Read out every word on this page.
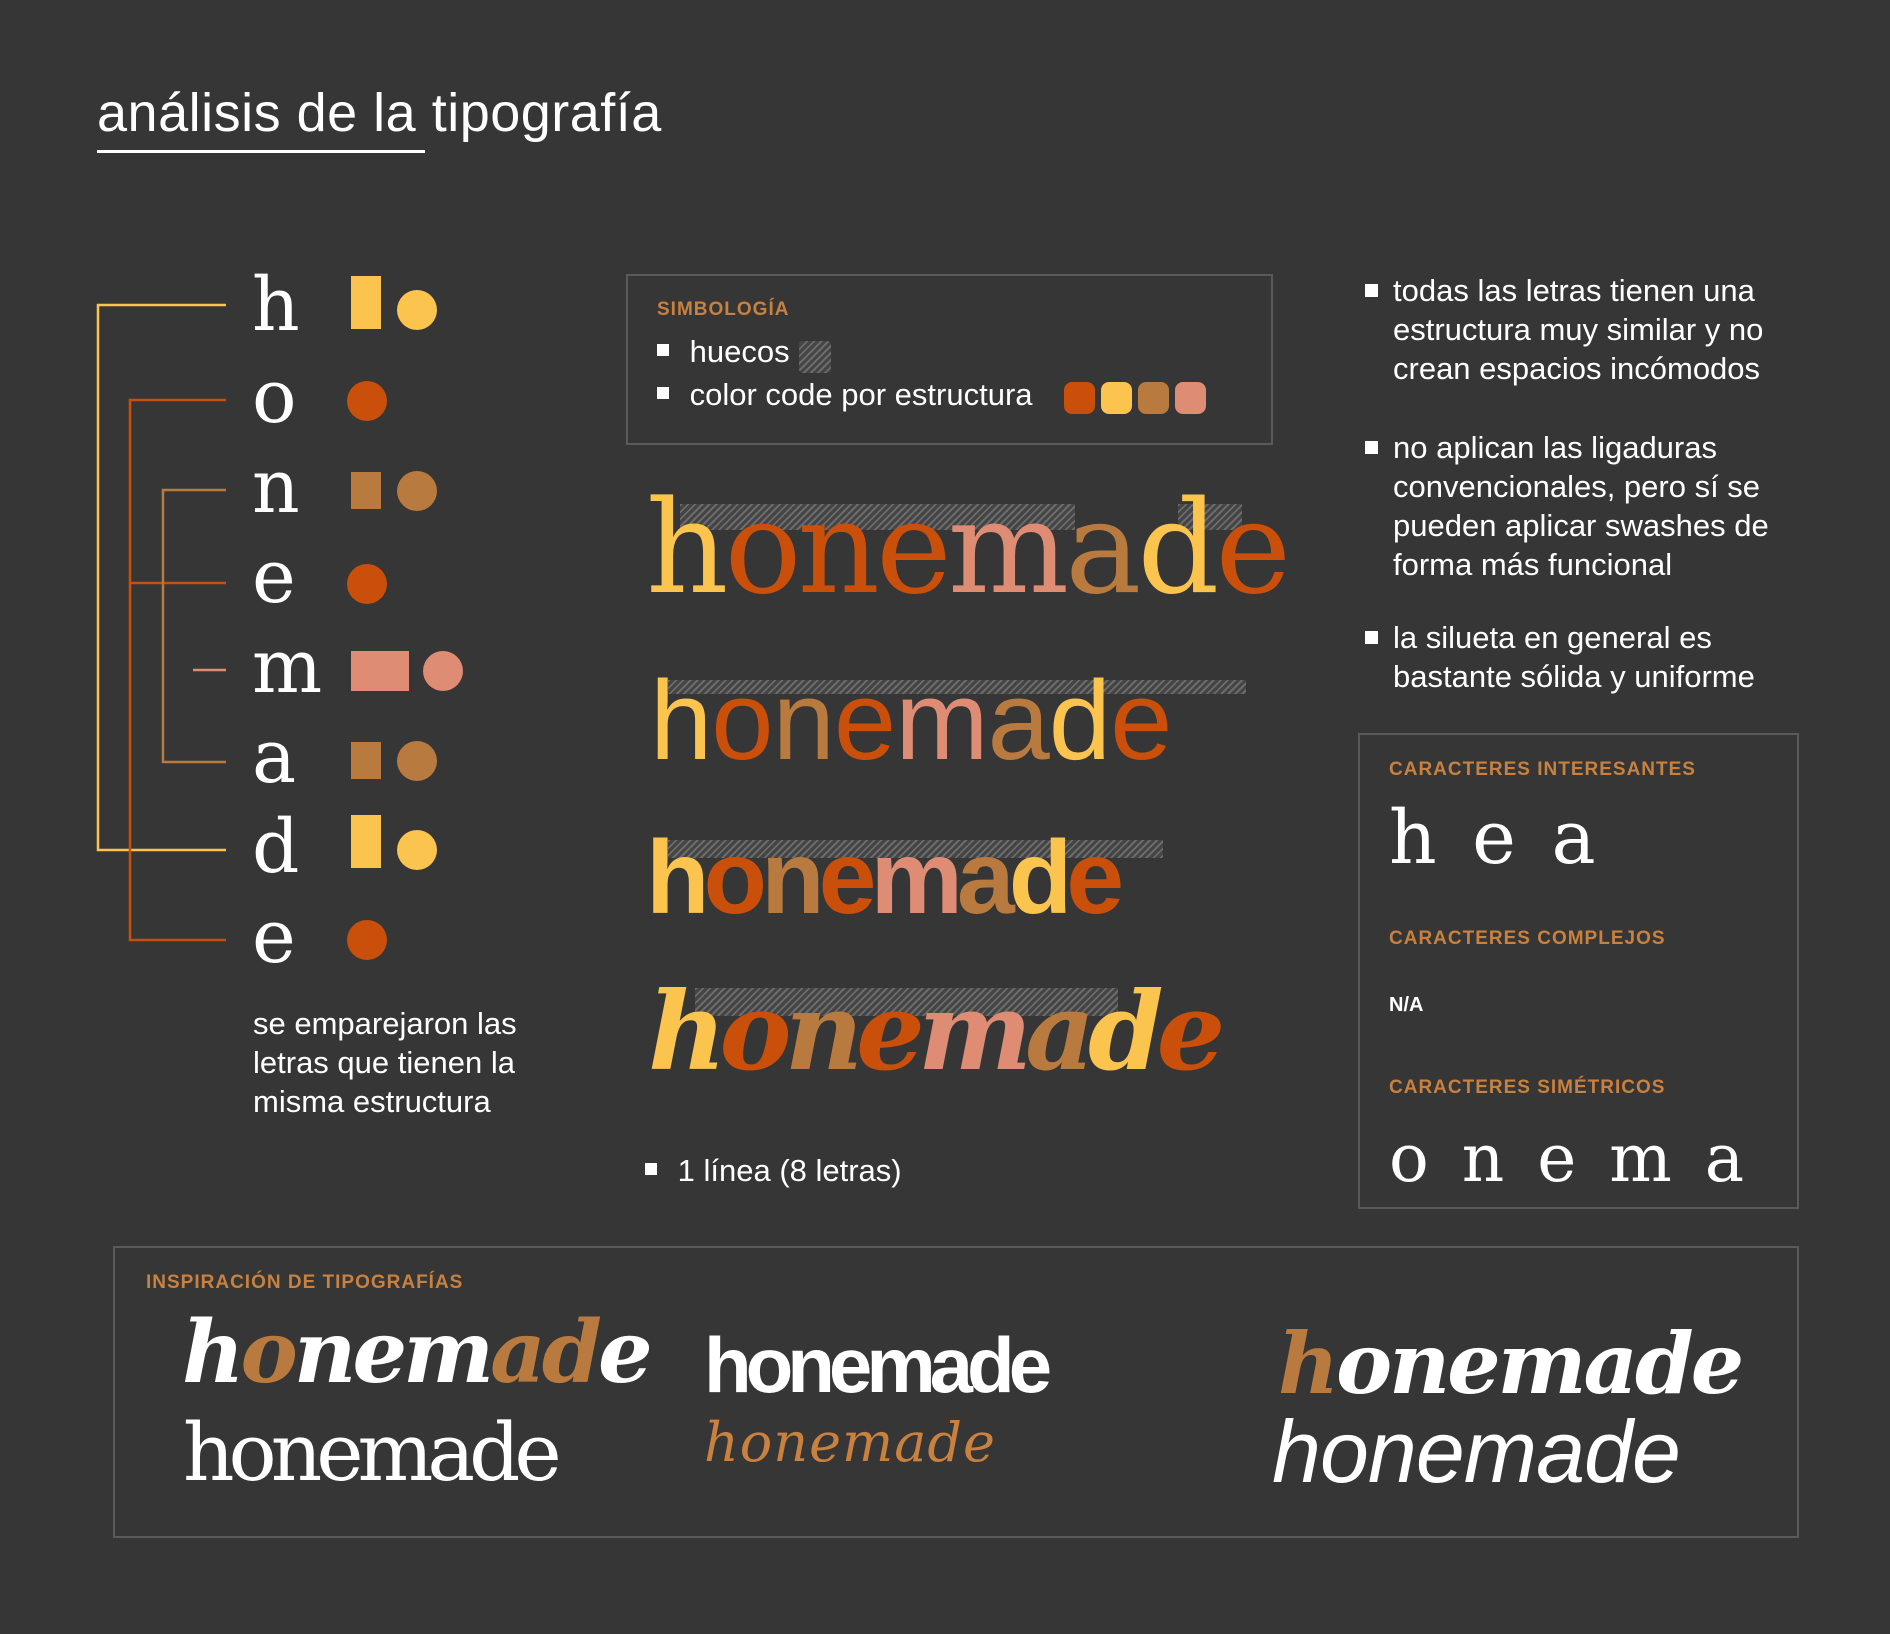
análisis de la tipografía
h
o
n
e
m
a
d
e
se emparejaron las letras que tienen la misma estructura
SIMBOLOGÍA
huecos
color code por estructura
honemade
honemade
honemade
honemade
1 línea (8 letras)
todas las letras tienen una estructura muy similar y no crean espacios incómodos
no aplican las ligaduras convencionales, pero sí se pueden aplicar swashes de forma más funcional
la silueta en general es bastante sólida y uniforme
CARACTERES INTERESANTES
h e a
CARACTERES COMPLEJOS
N/A
CARACTERES SIMÉTRICOS
o n e m a
INSPIRACIÓN DE TIPOGRAFÍAS
honemade
honemade
honemade
honemade
honemade
honemade
